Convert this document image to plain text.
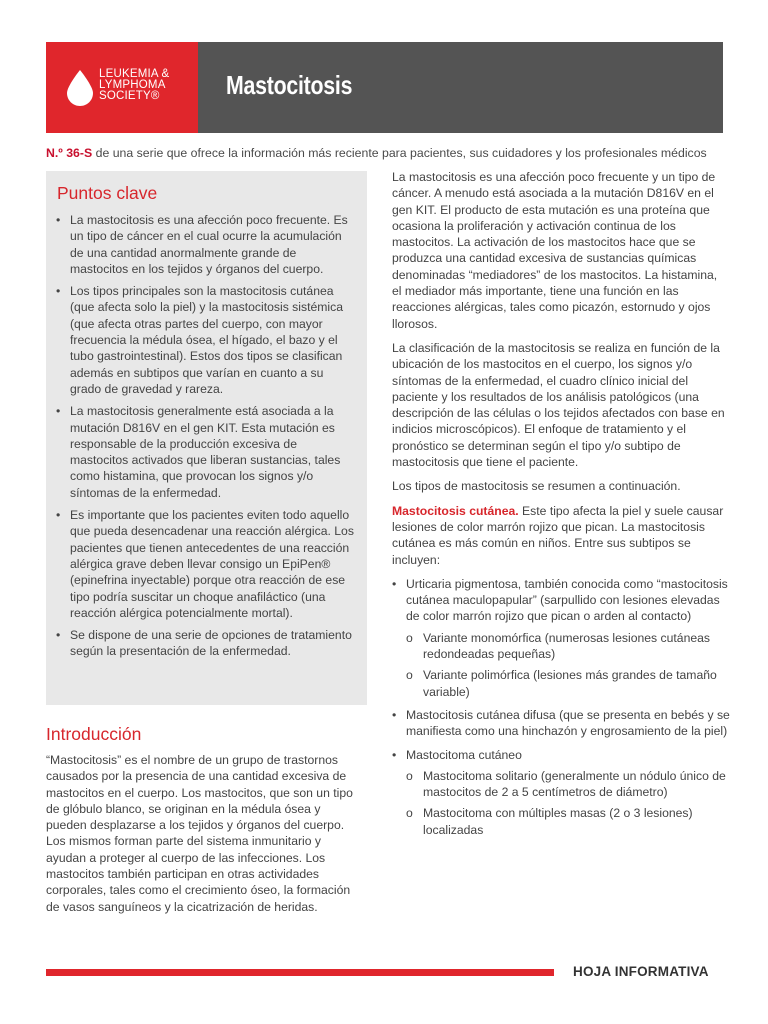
LEUKEMIA &
LYMPHOMA
SOCIETY®	Mastocitosis
N.º 36-S de una serie que ofrece la información más reciente para pacientes, sus cuidadores y los profesionales médicos
Puntos clave
• La mastocitosis es una afección poco frecuente. Es un tipo de cáncer en el cual ocurre la acumulación de una cantidad anormalmente grande de mastocitos en los tejidos y órganos del cuerpo.
• Los tipos principales son la mastocitosis cutánea (que afecta solo la piel) y la mastocitosis sistémica (que afecta otras partes del cuerpo, con mayor frecuencia la médula ósea, el hígado, el bazo y el tubo gastrointestinal). Estos dos tipos se clasifican además en subtipos que varían en cuanto a su grado de gravedad y rareza.
• La mastocitosis generalmente está asociada a la mutación D816V en el gen KIT. Esta mutación es responsable de la producción excesiva de mastocitos activados que liberan sustancias, tales como histamina, que provocan los signos y/o síntomas de la enfermedad.
• Es importante que los pacientes eviten todo aquello que pueda desencadenar una reacción alérgica. Los pacientes que tienen antecedentes de una reacción alérgica grave deben llevar consigo un EpiPen® (epinefrina inyectable) porque otra reacción de ese tipo podría suscitar un choque anafiláctico (una reacción alérgica potencialmente mortal).
• Se dispone de una serie de opciones de tratamiento según la presentación de la enfermedad.
Introducción

“Mastocitosis” es el nombre de un grupo de trastornos causados por la presencia de una cantidad excesiva de mastocitos en el cuerpo. Los mastocitos, que son un tipo de glóbulo blanco, se originan en la médula ósea y pueden desplazarse a los tejidos y órganos del cuerpo. Los mismos forman parte del sistema inmunitario y ayudan a proteger al cuerpo de las infecciones. Los mastocitos también participan en otras actividades corporales, tales como el crecimiento óseo, la formación de vasos sanguíneos y la cicatrización de heridas.

La mastocitosis es una afección poco frecuente y un tipo de cáncer. A menudo está asociada a la mutación D816V en el gen KIT. El producto de esta mutación es una proteína que ocasiona la proliferación y activación continua de los mastocitos. La activación de los mastocitos hace que se produzca una cantidad excesiva de sustancias químicas denominadas “mediadores” de los mastocitos. La histamina, el mediador más importante, tiene una función en las reacciones alérgicas, tales como picazón, estornudo y ojos llorosos.

La clasificación de la mastocitosis se realiza en función de la ubicación de los mastocitos en el cuerpo, los signos y/o síntomas de la enfermedad, el cuadro clínico inicial del paciente y los resultados de los análisis patológicos (una descripción de las células o los tejidos afectados con base en indicios microscópicos). El enfoque de tratamiento y el pronóstico se determinan según el tipo y/o subtipo de mastocitosis que tiene el paciente.

Los tipos de mastocitosis se resumen a continuación.

Mastocitosis cutánea. Este tipo afecta la piel y suele causar lesiones de color marrón rojizo que pican. La mastocitosis cutánea es más común en niños. Entre sus subtipos se incluyen:

• Urticaria pigmentosa, también conocida como “mastocitosis cutánea maculopapular” (sarpullido con lesiones elevadas de color marrón rojizo que pican o arden al contacto)
o Variante monomórfica (numerosas lesiones cutáneas redondeadas pequeñas)
o Variante polimórfica (lesiones más grandes de tamaño variable)
• Mastocitosis cutánea difusa (que se presenta en bebés y se manifiesta como una hinchazón y engrosamiento de la piel)
• Mastocitoma cutáneo
o Mastocitoma solitario (generalmente un nódulo único de mastocitos de 2 a 5 centímetros de diámetro)
o Mastocitoma con múltiples masas (2 o 3 lesiones) localizadas
HOJA INFORMATIVA
